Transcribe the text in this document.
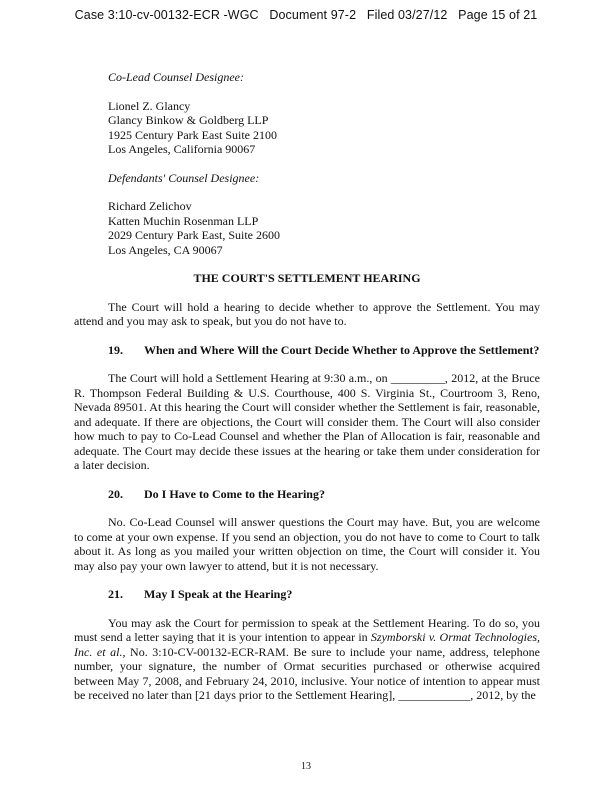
Case 3:10-cv-00132-ECR -WGC   Document 97-2   Filed 03/27/12   Page 15 of 21
Co-Lead Counsel Designee:
Lionel Z. Glancy
Glancy Binkow & Goldberg LLP
1925 Century Park East Suite 2100
Los Angeles, California 90067
Defendants' Counsel Designee:
Richard Zelichov
Katten Muchin Rosenman LLP
2029 Century Park East, Suite 2600
Los Angeles, CA 90067
THE COURT'S SETTLEMENT HEARING

The Court will hold a hearing to decide whether to approve the Settlement. You may attend and you may ask to speak, but you do not have to.

19.	When and Where Will the Court Decide Whether to Approve the Settlement?

The Court will hold a Settlement Hearing at 9:30 a.m., on _________, 2012, at the Bruce R. Thompson Federal Building & U.S. Courthouse, 400 S. Virginia St., Courtroom 3, Reno, Nevada 89501. At this hearing the Court will consider whether the Settlement is fair, reasonable, and adequate. If there are objections, the Court will consider them. The Court will also consider how much to pay to Co-Lead Counsel and whether the Plan of Allocation is fair, reasonable and adequate. The Court may decide these issues at the hearing or take them under consideration for a later decision.

20.	Do I Have to Come to the Hearing?

No. Co-Lead Counsel will answer questions the Court may have. But, you are welcome to come at your own expense. If you send an objection, you do not have to come to Court to talk about it. As long as you mailed your written objection on time, the Court will consider it. You may also pay your own lawyer to attend, but it is not necessary.

21.	May I Speak at the Hearing?

You may ask the Court for permission to speak at the Settlement Hearing. To do so, you must send a letter saying that it is your intention to appear in Szymborski v. Ormat Technologies, Inc. et al., No. 3:10-CV-00132-ECR-RAM. Be sure to include your name, address, telephone number, your signature, the number of Ormat securities purchased or otherwise acquired between May 7, 2008, and February 24, 2010, inclusive. Your notice of intention to appear must be received no later than [21 days prior to the Settlement Hearing], ____________, 2012, by the

13
